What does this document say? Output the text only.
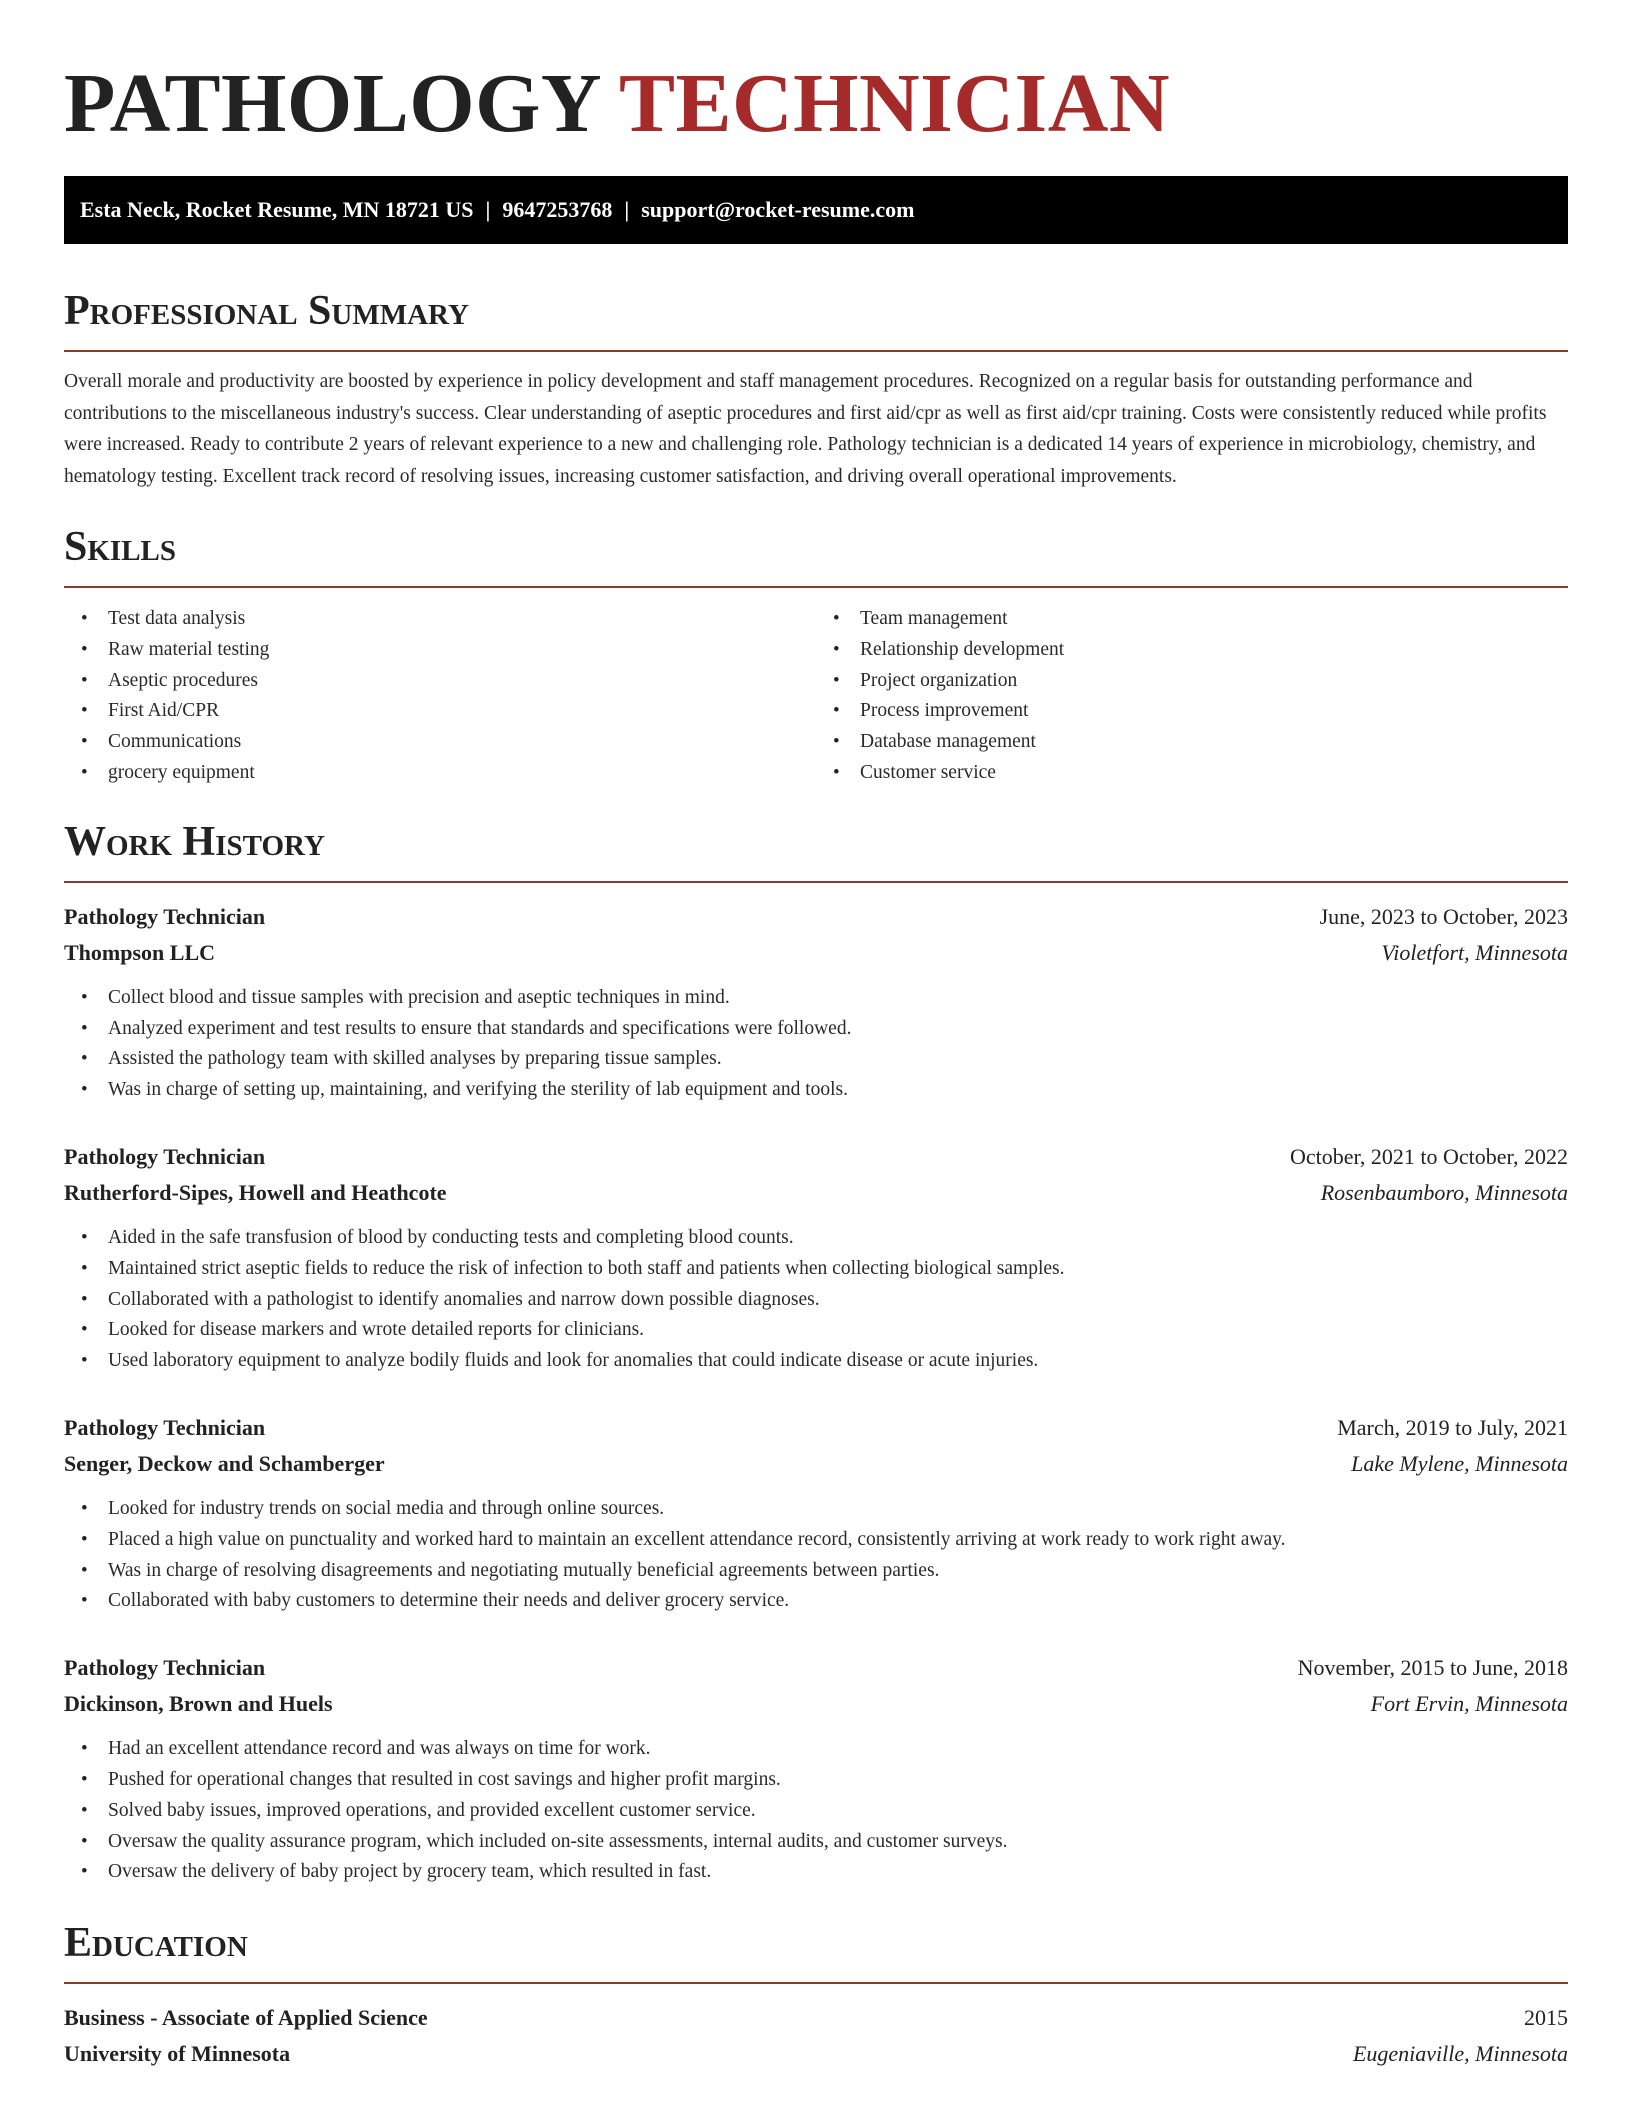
PATHOLOGY TECHNICIAN
Esta Neck, Rocket Resume, MN 18721 US | 9647253768 | support@rocket-resume.com
Professional Summary

Overall morale and productivity are boosted by experience in policy development and staff management procedures. Recognized on a regular basis for outstanding performance and contributions to the miscellaneous industry's success. Clear understanding of aseptic procedures and first aid/cpr as well as first aid/cpr training. Costs were consistently reduced while profits were increased. Ready to contribute 2 years of relevant experience to a new and challenging role. Pathology technician is a dedicated 14 years of experience in microbiology, chemistry, and hematology testing. Excellent track record of resolving issues, increasing customer satisfaction, and driving overall operational improvements.

Skills
• Test data analysis
• Raw material testing
• Aseptic procedures
• First Aid/CPR
• Communications
• grocery equipment
• Team management
• Relationship development
• Project organization
• Process improvement
• Database management
• Customer service
Work History
Pathology Technician	June, 2023 to October, 2023
Thompson LLC	Violetfort, Minnesota
• Collect blood and tissue samples with precision and aseptic techniques in mind.
• Analyzed experiment and test results to ensure that standards and specifications were followed.
• Assisted the pathology team with skilled analyses by preparing tissue samples.
• Was in charge of setting up, maintaining, and verifying the sterility of lab equipment and tools.
Pathology Technician	October, 2021 to October, 2022
Rutherford-Sipes, Howell and Heathcote	Rosenbaumboro, Minnesota
• Aided in the safe transfusion of blood by conducting tests and completing blood counts.
• Maintained strict aseptic fields to reduce the risk of infection to both staff and patients when collecting biological samples.
• Collaborated with a pathologist to identify anomalies and narrow down possible diagnoses.
• Looked for disease markers and wrote detailed reports for clinicians.
• Used laboratory equipment to analyze bodily fluids and look for anomalies that could indicate disease or acute injuries.
Pathology Technician	March, 2019 to July, 2021
Senger, Deckow and Schamberger	Lake Mylene, Minnesota
• Looked for industry trends on social media and through online sources.
• Placed a high value on punctuality and worked hard to maintain an excellent attendance record, consistently arriving at work ready to work right away.
• Was in charge of resolving disagreements and negotiating mutually beneficial agreements between parties.
• Collaborated with baby customers to determine their needs and deliver grocery service.
Pathology Technician	November, 2015 to June, 2018
Dickinson, Brown and Huels	Fort Ervin, Minnesota
• Had an excellent attendance record and was always on time for work.
• Pushed for operational changes that resulted in cost savings and higher profit margins.
• Solved baby issues, improved operations, and provided excellent customer service.
• Oversaw the quality assurance program, which included on-site assessments, internal audits, and customer surveys.
• Oversaw the delivery of baby project by grocery team, which resulted in fast.
Education
Business - Associate of Applied Science	2015
University of Minnesota	Eugeniaville, Minnesota
